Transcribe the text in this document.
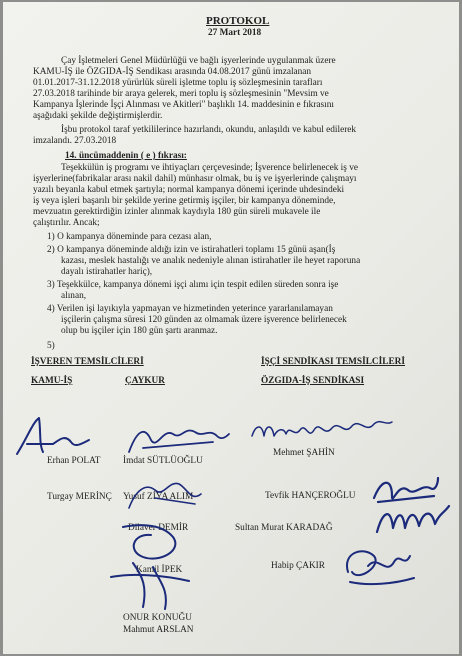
PROTOKOL
27 Mart 2018
Çay İşletmeleri Genel Müdürlüğü ve bağlı işyerlerinde uygulanmak üzere
KAMU-İŞ ile ÖZGIDA-İŞ Sendikası arasında 04.08.2017 günü imzalanan
01.01.2017-31.12.2018 yürürlük süreli işletme toplu iş sözleşmesinin tarafları
27.03.2018 tarihinde bir araya gelerek, meri toplu iş sözleşmesinin "Mevsim ve
Kampanya İşlerinde İşçi Alınması ve Akitleri" başlıklı 14. maddesinin e fıkrasını
aşağıdaki şekilde değiştirmişlerdir.
İşbu protokol taraf yetkililerince hazırlandı, okundu, anlaşıldı ve kabul edilerek
imzalandı. 27.03.2018
14. üncümaddenin ( e ) fıkrası:
Teşekkülün iş programı ve ihtiyaçları çerçevesinde; İşverence belirlenecek iş ve
işyerlerine(fabrikalar arası nakil dahil) münhasır olmak, bu iş ve işyerlerinde çalışmayı
yazılı beyanla kabul etmek şartıyla; normal kampanya dönemi içerinde uhdesindeki
iş veya işleri başarılı bir şekilde yerine getirmiş işçiler, bir kampanya döneminde,
mevzuatın gerektirdiğin izinler alınmak kaydıyla 180 gün süreli mukavele ile
çalıştırılır. Ancak;
1) O kampanya döneminde para cezası alan,
2) O kampanya döneminde aldığı izin ve istirahatleri toplamı 15 günü aşan(İş
kazası, meslek hastalığı ve analık nedeniyle alınan istirahatler ile heyet raporuna
dayalı istirahatler hariç),
3) Teşekkülce, kampanya dönemi işçi alımı için tespit edilen süreden sonra işe
alınan,
4) Verilen işi layıkıyla yapmayan ve hizmetinden yeterince yararlanılamayan
işçilerin çalışma süresi 120 günden az olmamak üzere işverence belirlenecek
olup bu işçiler için 180 gün şartı aranmaz.
5)
İŞVEREN TEMSİLCİLERİ	İŞÇİ SENDİKASI TEMSİLCİLERİ
KAMU-İŞ	ÇAYKUR	ÖZGIDA-İŞ SENDİKASI
Erhan POLAT İmdat SÜTLÜOĞLU
Mehmet ŞAHİN
Turgay MERİNÇ Yusuf ZİYA ALIM	Tevfik HANÇEROĞLU
Dilaver DEMİR	Sultan Murat KARADAĞ
Kamil İPEK	Habip ÇAKIR
ONUR KONUĞU
Mahmut ARSLAN
